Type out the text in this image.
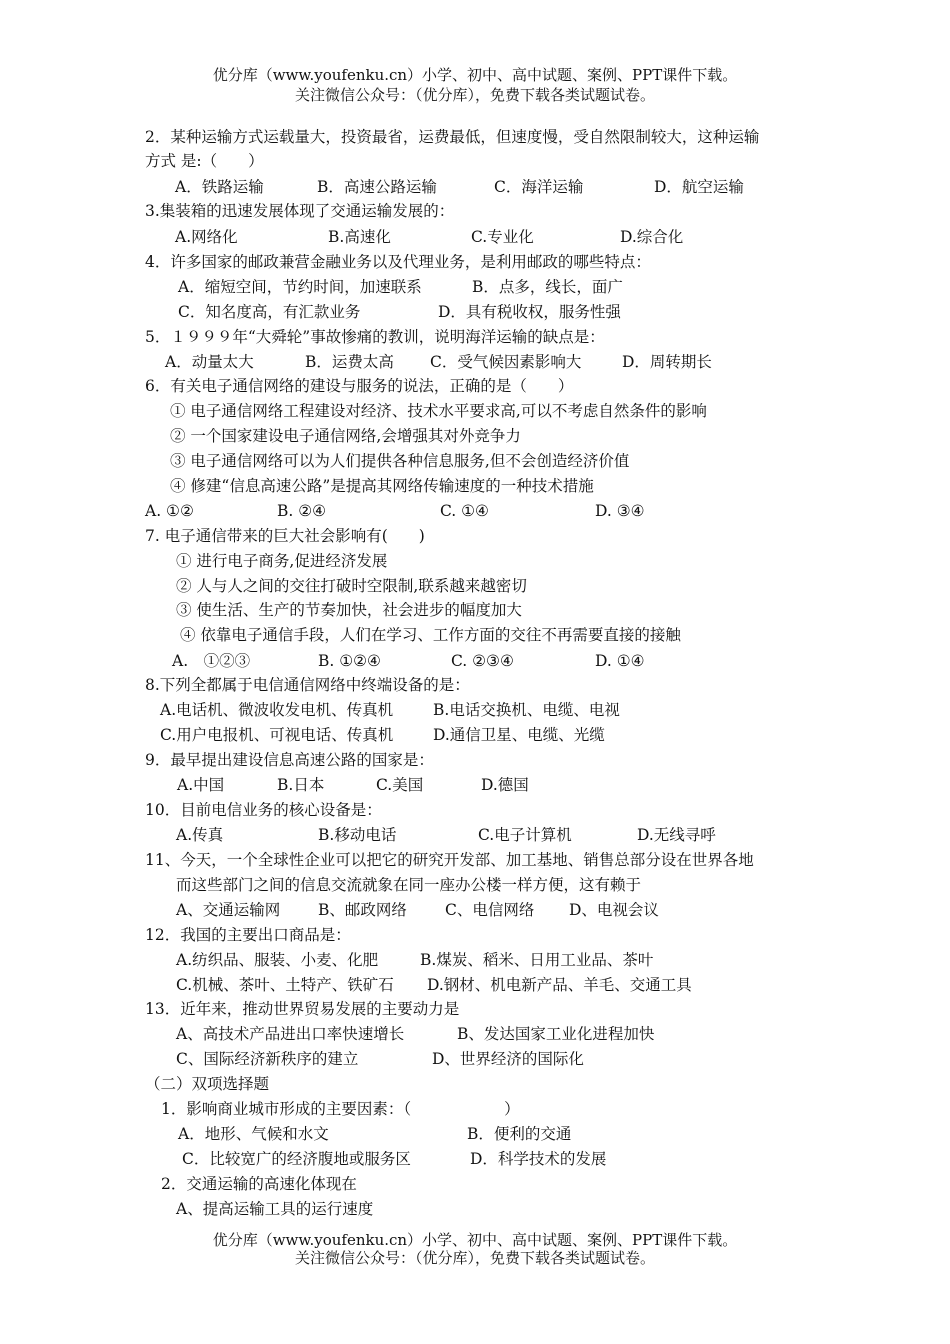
优分库（www.youfenku.cn）小学、初中、高中试题、案例、PPT课件下载。
关注微信公众号：（优分库），免费下载各类试题试卷。
2．某种运输方式运载量大，投资最省，运费最低，但速度慢，受自然限制较大，这种运输
方式 是:（　　）
A．铁路运输	B．高速公路运输	C．海洋运输	D．航空运输
3.集装箱的迅速发展体现了交通运输发展的：
A.网络化	B.高速化	C.专业化	D.综合化
4．许多国家的邮政兼营金融业务以及代理业务，是利用邮政的哪些特点：
A．缩短空间，节约时间，加速联系	B．点多，线长，面广
C．知名度高，有汇款业务	D．具有税收权，服务性强
5．１９９９年“大舜轮”事故惨痛的教训，说明海洋运输的缺点是：
A．动量太大	B．运费太高 C．受气候因素影响大	D．周转期长
6．有关电子通信网络的建设与服务的说法，正确的是（　　）
① 电子通信网络工程建设对经济、技术水平要求高,可以不考虑自然条件的影响
② 一个国家建设电子通信网络,会增强其对外竞争力
③ 电子通信网络可以为人们提供各种信息服务,但不会创造经济价值
④ 修建“信息高速公路”是提高其网络传输速度的一种技术措施
A. ①②	B. ②④	C. ①④	D. ③④
7. 电子通信带来的巨大社会影响有(　　)
① 进行电子商务,促进经济发展
② 人与人之间的交往打破时空限制,联系越来越密切
③ 使生活、生产的节奏加快，社会进步的幅度加大
④ 依靠电子通信手段，人们在学习、工作方面的交往不再需要直接的接触
A.　①②③	B. ①②④	C. ②③④	D. ①④
8.下列全都属于电信通信网络中终端设备的是：
A.电话机、微波收发电机、传真机	B.电话交换机、电缆、电视
C.用户电报机、可视电话、传真机	D.通信卫星、电缆、光缆
9．最早提出建设信息高速公路的国家是：
A.中国	B.日本	C.美国	D.德国
10．目前电信业务的核心设备是：
A.传真	B.移动电话	C.电子计算机	D.无线寻呼
11、今天，一个全球性企业可以把它的研究开发部、加工基地、销售总部分设在世界各地
而这些部门之间的信息交流就象在同一座办公楼一样方便，这有赖于
A、交通运输网 B、邮政网络 C、电信网络 D、电视会议
12．我国的主要出口商品是：
A.纺织品、服装、小麦、化肥	B.煤炭、稻米、日用工业品、茶叶
C.机械、茶叶、土特产、铁矿石 D.钢材、机电新产品、羊毛、交通工具
13．近年来，推动世界贸易发展的主要动力是
A、高技术产品进出口率快速增长	B、发达国家工业化进程加快
C、国际经济新秩序的建立	D、世界经济的国际化
（二）双项选择题
1．影响商业城市形成的主要因素：（　　　　　　）
A．地形、气候和水文	B．便利的交通
C．比较宽广的经济腹地或服务区	D．科学技术的发展
2．交通运输的高速化体现在
A、提高运输工具的运行速度
优分库（www.youfenku.cn）小学、初中、高中试题、案例、PPT课件下载。
关注微信公众号：（优分库），免费下载各类试题试卷。
